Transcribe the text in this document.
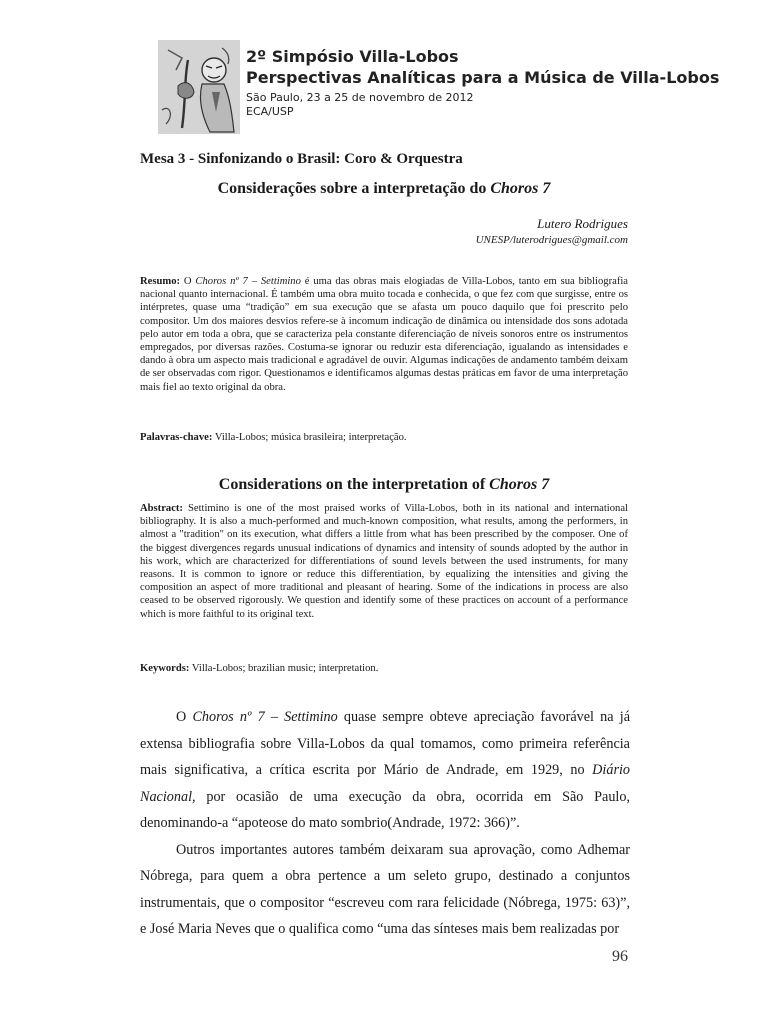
2º Simpósio Villa-Lobos
Perspectivas Analíticas para a Música de Villa-Lobos
São Paulo, 23 a 25 de novembro de 2012
ECA/USP
Mesa 3 - Sinfonizando o Brasil: Coro & Orquestra
Considerações sobre a interpretação do Choros 7
Lutero Rodrigues
UNESP/luterodrigues@gmail.com
Resumo: O Choros nº 7 – Settimino é uma das obras mais elogiadas de Villa-Lobos, tanto em sua bibliografia nacional quanto internacional. É também uma obra muito tocada e conhecida, o que fez com que surgisse, entre os intérpretes, quase uma “tradição” em sua execução que se afasta um pouco daquilo que foi prescrito pelo compositor. Um dos maiores desvios refere-se à incomum indicação de dinâmica ou intensidade dos sons adotada pelo autor em toda a obra, que se caracteriza pela constante diferenciação de níveis sonoros entre os instrumentos empregados, por diversas razões. Costuma-se ignorar ou reduzir esta diferenciação, igualando as intensidades e dando à obra um aspecto mais tradicional e agradável de ouvir. Algumas indicações de andamento também deixam de ser observadas com rigor. Questionamos e identificamos algumas destas práticas em favor de uma interpretação mais fiel ao texto original da obra.
Palavras-chave: Villa-Lobos; música brasileira; interpretação.
Considerations on the interpretation of Choros 7
Abstract: Settimino is one of the most praised works of Villa-Lobos, both in its national and international bibliography. It is also a much-performed and much-known composition, what results, among the performers, in almost a "tradition" on its execution, what differs a little from what has been prescribed by the composer. One of the biggest divergences regards unusual indications of dynamics and intensity of sounds adopted by the author in his work, which are characterized for differentiations of sound levels between the used instruments, for many reasons. It is common to ignore or reduce this differentiation, by equalizing the intensities and giving the composition an aspect of more traditional and pleasant of hearing. Some of the indications in process are also ceased to be observed rigorously. We question and identify some of these practices on account of a performance which is more faithful to its original text.
Keywords: Villa-Lobos; brazilian music; interpretation.

O Choros nº 7 – Settimino quase sempre obteve apreciação favorável na já extensa bibliografia sobre Villa-Lobos da qual tomamos, como primeira referência mais significativa, a crítica escrita por Mário de Andrade, em 1929, no Diário Nacional, por ocasião de uma execução da obra, ocorrida em São Paulo, denominando-a “apoteose do mato sombrio(Andrade, 1972: 366)”.

Outros importantes autores também deixaram sua aprovação, como Adhemar Nóbrega, para quem a obra pertence a um seleto grupo, destinado a conjuntos instrumentais, que o compositor “escreveu com rara felicidade (Nóbrega, 1975: 63)”, e José Maria Neves que o qualifica como “uma das sínteses mais bem realizadas por

96
